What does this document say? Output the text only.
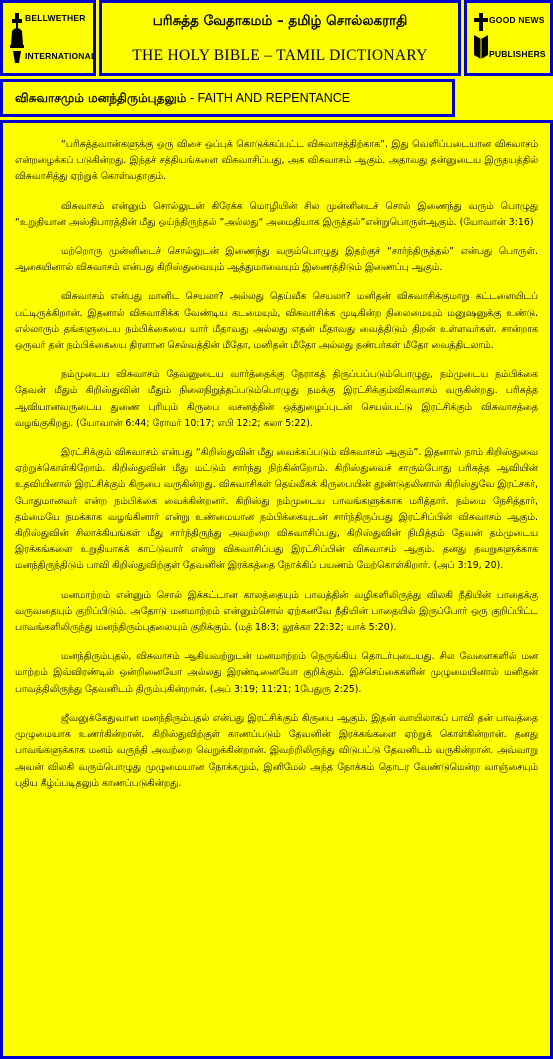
BELLWETHER
INTERNATIONAL
பரிசுத்த வேதாகமம் – தமிழ் சொல்லகராதி
THE HOLY BIBLE – TAMIL DICTIONARY
GOOD NEWS
PUBLISHERS
விசுவாசமும் மனந்திரும்புதலும் - FAITH AND REPENTANCE

“பரிசுத்தவான்களுக்கு ஒரு விசை ஒப்புக் கொடுக்கப்பட்ட விசுவாசத்திற்காக”. இது வெளிப்படையான விசுவாசம் என்றழைக்கப் படுகின்றது. இந்தச் சத்தியங்களை விசுவாசிப்பது, அக விசுவாசம் ஆகும். அதாவது தன்னுடைய இருதயத்தில் விசுவாசித்து ஏற்றுக் கொள்வதாகும்.

விசுவாசம் என்னும் சொல்லுடன் கிரேக்க மொழியின் சில முன்னிடைச் சொல் இணைந்து வரும் பொழுது “உறுதியான அஸ்திபாரத்தின் மீது ஒய்ந்திருந்தல் ”அல்லது“ அமைதியாக இருத்தல்”என்றுபொருள்ஆகும். (யோவான் 3:16)

மற்றொரு முன்னிடைச் சொல்லுடன் இணைந்து வரும்பொழுது இதற்குச் “சார்ந்திருத்தல்” என்பது பொருள். ஆகையினால் விசுவாசம் என்பது கிறிஸ்துவையும் ஆத்துமாவையும் இணைத்திடும் இணைப்பு ஆகும்.

விசுவாசம் என்பது மானிட செயலா? அல்லது தெய்வீக செயலா? மனிதன் விசுவாசிக்குமாறு கட்டளையிடப் பட்டிருக்கிறான். இதனால் விசுவாசிக்க வேண்டிய கடமையும், விசுவாசிக்க முடிகின்ற நிலைமையும் மனுஷனுக்கு உண்டு. எல்லாரும் தங்களுடைய நம்பிக்கையை யார் மீதாவது அல்லது எதன் மீதாவது வைத்திடும் திறன் உள்ளவர்கள். சான்றாக ஒருவர் தன் நம்பிக்கையை திரளான செல்வத்தின் மீதோ, மனிதன் மீதோ அல்லது நண்பர்கள் மீதோ வைத்திடலாம்.

நம்முடைய விசுவாசம் தேவனுடைய வார்த்தைக்கு நேராகத் திருப்பப்படும்பொழுது, நம்முடைய நம்பிக்கை தேவன் மீதும் கிறிஸ்துவின் மீதும் நிலைநிறுத்தப்படும்பொழுது நமக்கு இரட்சிக்கும்விசுவாசம் வருகின்றது. பரிசுத்த ஆவியானவருடைய துணை புரியும் கிருபை வசனத்தின் ஒத்துழைப்புடன் செயல்பட்டு இரட்சிக்கும் விசுவாசத்தை வழங்குகிறது. (யோவான் 6:44; ரோமர் 10:17; எபி 12:2; கலா 5:22).

இரட்சிக்கும் விசுவாசம் என்பது “கிறிஸ்துவின் மீது வைக்கப்படும் விசுவாசம் ஆகும்”. இதனால் நாம் கிறிஸ்துவை ஏற்றுக்கொள்கிறோம். கிறிஸ்துவின் மீது மட்டும் சார்ந்து நிற்கின்றோம். கிறிஸ்துவைச் சாரும்போது பரிசுத்த ஆவியின் உதவியினால் இரட்சிக்கும் கிருபை வருகின்றது. விசுவாசிகள் தெய்வீகக் கிருபையின் தூண்டுதலினால் கிறிஸ்துவே இரட்சகர், போதுமானவர் என்ற நம்பிக்கை வைக்கின்றனர். கிறிஸ்து நம்முடைய பாவங்களுக்காக மரித்தார். நம்மை நேசித்தார், தம்மையே நமக்காக வழங்கினார் என்று உண்மையான நம்பிக்கையுடன் சார்ந்திருப்பது இரட்சிப்பின் விசுவாசம் ஆகும். கிறிஸ்துவின் சிலாக்கியங்கள் மீது சார்ந்திருந்து அவற்றை விசுவாசிப்பது, கிறிஸ்துவின் நிமித்தம் தேவன் தம்முடைய இரக்கங்களை உறுதியாகக் காட்டுவார் என்று விசுவாசிப்பது இரட்சிப்பின் விசுவாசம் ஆகும். தனது தவறுகளுக்காக மனந்திருந்திடும் பாவி கிறிஸ்துவிற்குள் தேவனின் இரக்கத்தை நோக்கிப் பயணம் மேற்கொள்கிறார். (அப் 3:19, 20).

மனமாற்றம் என்னும் சொல் இக்கட்டான காலத்தையும் பாவத்தின் வழிகளிலிருந்து விலகி நீதியின் பாதைக்கு வருவதையும் குறிப்பிடும். அதோடு மனமாற்றம் என்னும்சொல் ஏற்கனவே நீதியின் பாதையில் இருப்போர் ஒரு குறிப்பிட்ட பாவங்களிலிருந்து மனந்திரும்புதலையும் குறிக்கும். (மத் 18:3; லூக்கா 22:32; யாக் 5:20).

மனந்திரும்புதல், விசுவாசம் ஆகியவற்றுடன் மனமாற்றம் நெருங்கிய தொடர்புடையது. சில வேளைகளில் மன மாற்றம் இவ்விரண்டில் ஒன்றினையோ அல்லது இரண்டினையோ குறிக்கும். இச்செய்கைகளின் முழுமையினால் மனிதன் பாவத்திலிருந்து தேவனிடம் திரும்புகின்றான். (அப் 3:19; 11:21; 1பேதுரு 2:25).

ஜீவனுக்கேதுவான மனந்திரும்புதல் என்பது இரட்சிக்கும் கிருபை ஆகும். இதன் வாயிலாகப் பாவி தன் பாவத்தை முழுமையாக உணர்கின்றான். கிறிஸ்துவிற்குள் காணப்படும் தேவனின் இரக்கங்களை ஏற்றுக் கொள்கின்றான். தனது பாவங்களுக்காக மனம் வருந்தி அவற்றை வெறுக்கின்றான். இவற்றிலிருந்து விடுபட்டு தேவனிடம் வருகின்றான். அவ்வாறு அவன் விலகி வரும்பொழுது முழுமையான நோக்கமும், இனிமேல் அந்த நோக்கம் தொடர வேண்டுமென்ற வாஞ்சையும் புதிய கீழ்ப்படிதலும் காணப்படுகின்றது.
